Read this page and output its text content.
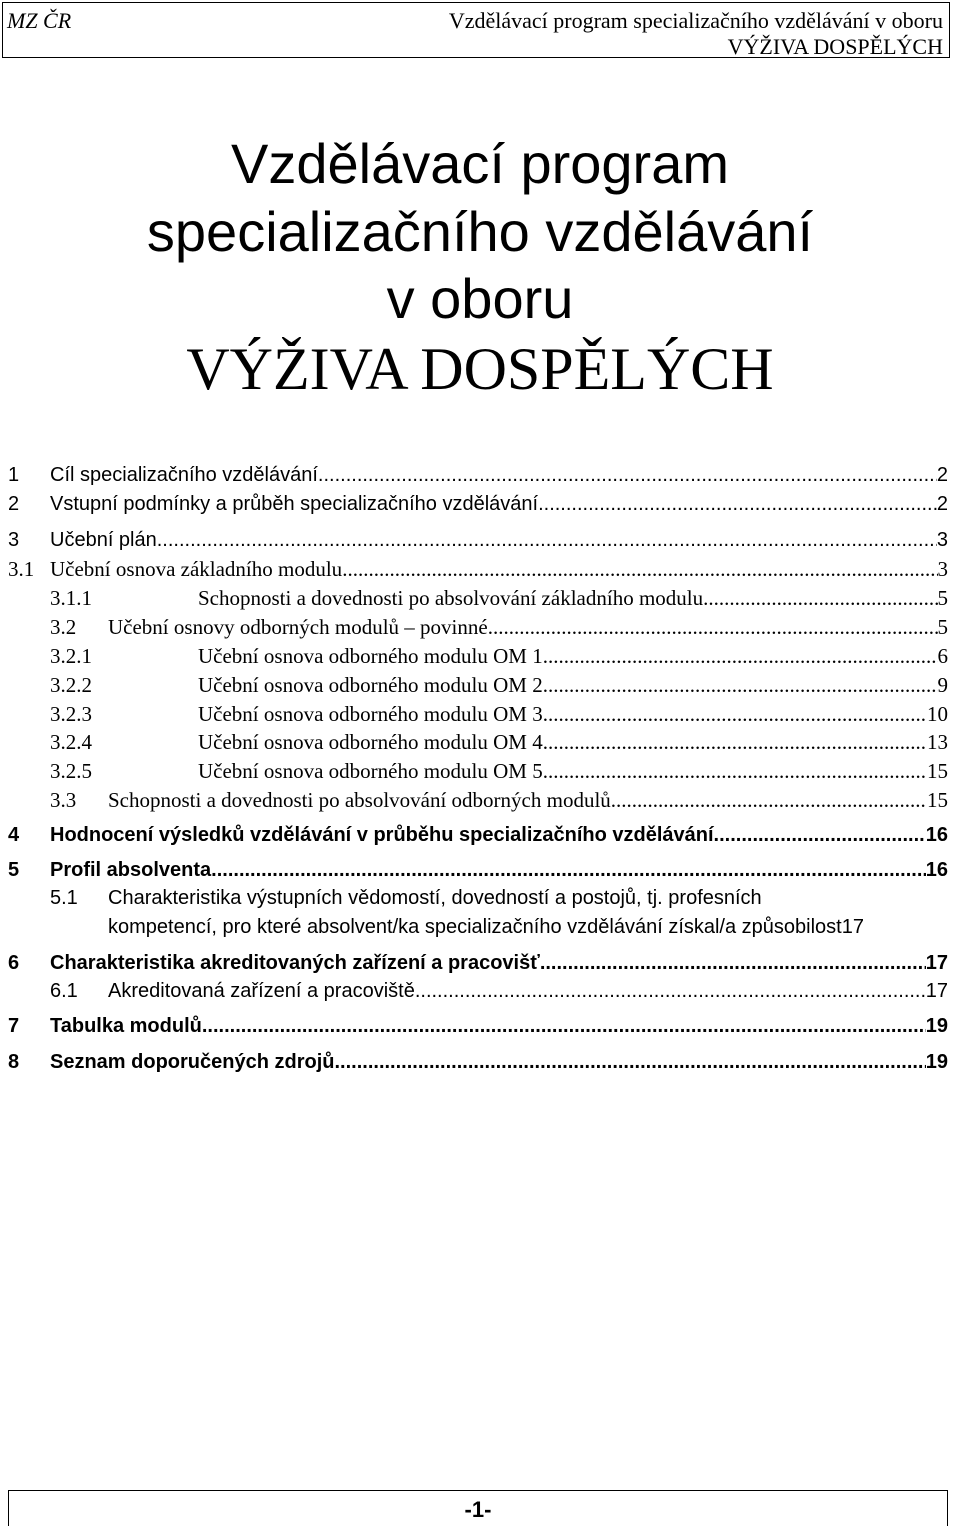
MZ ČR	Vzdělávací program specializačního vzdělávání v oboru
VÝŽIVA DOSPĚLÝCH
Vzdělávací program
specializačního vzdělávání
v oboru
VÝŽIVA DOSPĚLÝCH
1	Cíl specializačního vzdělávání .....	2
2	Vstupní podmínky a průběh specializačního vzdělávání .....	2
3	Učební plán .....	3
3.1 Učební osnova základního modulu .....	3
3.1.1	Schopnosti a dovednosti po absolvování základního modulu .....	5
3.2	Učební osnovy odborných modulů – povinné .....	5
3.2.1	Učební osnova odborného modulu OM 1 .....	6
3.2.2	Učební osnova odborného modulu OM 2 .....	9
3.2.3	Učební osnova odborného modulu OM 3 .....	10
3.2.4	Učební osnova odborného modulu OM 4 .....	13
3.2.5	Učební osnova odborného modulu OM 5 .....	15
3.3	Schopnosti a dovednosti po absolvování odborných modulů .....	15
4	Hodnocení výsledků vzdělávání v průběhu specializačního vzdělávání .....	16
5	Profil absolventa .....	16
5.1	Charakteristika výstupních vědomostí, dovedností a postojů, tj. profesních
kompetencí, pro které absolvent/ka specializačního vzdělávání získal/a způsobilost 17
6	Charakteristika akreditovaných zařízení a pracovišť .....	17
6.1	Akreditovaná zařízení a pracoviště .....	17
7	Tabulka modulů .....	19
8	Seznam doporučených zdrojů .....	19
-1-
